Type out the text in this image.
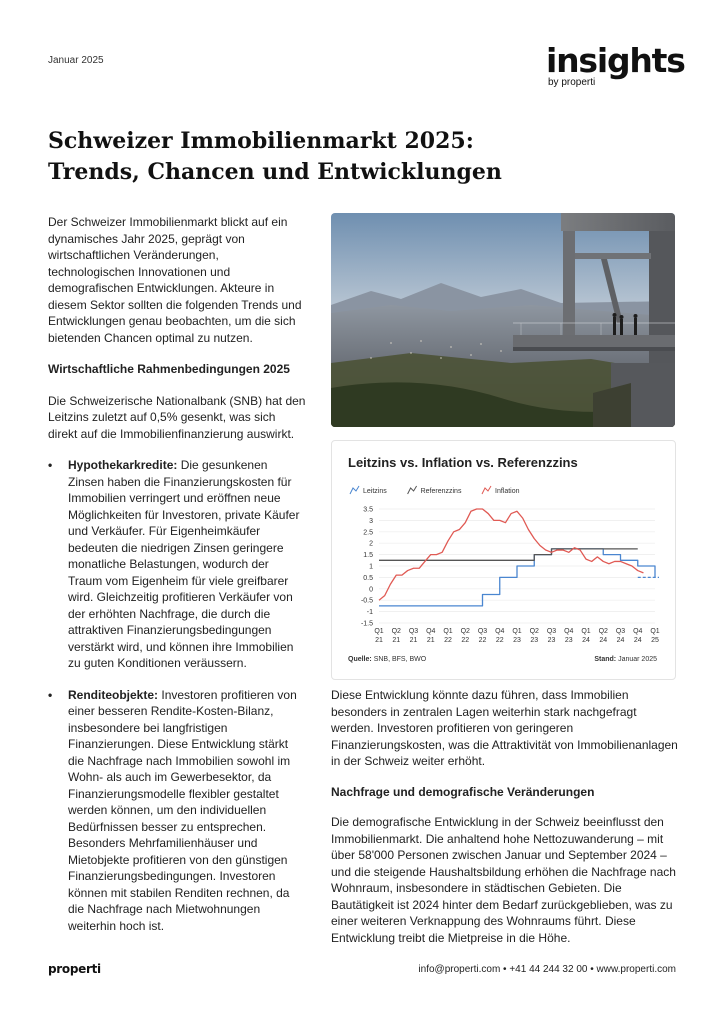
Januar 2025	insights
by properti
Schweizer Immobilienmarkt 2025:
Trends, Chancen und Entwicklungen

Der Schweizer Immobilienmarkt blickt auf ein dynamisches Jahr 2025, geprägt von wirtschaftlichen Veränderungen, technologischen Innovationen und demografischen Entwicklungen. Akteure in diesem Sektor sollten die folgenden Trends und Entwicklungen genau beobachten, um die sich bietenden Chancen optimal zu nutzen.

Wirtschaftliche Rahmenbedingungen 2025

Die Schweizerische Nationalbank (SNB) hat den Leitzins zuletzt auf 0,5% gesenkt, was sich direkt auf die Immobilienfinanzierung auswirkt.

• Hypothekarkredite: Die gesunkenen Zinsen haben die Finanzierungskosten für Immobilien verringert und eröffnen neue Möglichkeiten für Investoren, private Käufer und Verkäufer. Für Eigenheimkäufer bedeuten die niedrigen Zinsen geringere monatliche Belastungen, wodurch der Traum vom Eigenheim für viele greifbarer wird. Gleichzeitig profitieren Verkäufer von der erhöhten Nachfrage, die durch die attraktiven Finanzierungsbedingungen verstärkt wird, und können ihre Immobilien zu guten Konditionen veräussern.
• Renditeobjekte: Investoren profitieren von einer besseren Rendite-Kosten-Bilanz, insbesondere bei langfristigen Finanzierungen. Diese Entwicklung stärkt die Nachfrage nach Immobilien sowohl im Wohn- als auch im Gewerbesektor, da Finanzierungsmodelle flexibler gestaltet werden können, um den individuellen Bedürfnissen besser zu entsprechen. Besonders Mehrfamilienhäuser und Mietobjekte profitieren von den günstigen Finanzierungsbedingungen. Investoren können mit stabilen Renditen rechnen, da die Nachfrage nach Mietwohnungen weiterhin hoch ist.
Leitzins vs. Inflation vs. Referenzzins
3.5
3
2.5
2
1.5
1
0.5
0
-0.5
-1
-1.5
Q1
21
Q2
21
Q3
21
Q4
21
Q1
22
Q2
22
Q3
22
Q4
22
Q1
23
Q2
23
Q3
23
Q4
23
Q1
24
Q2
24
Q3
24
Q4
24
Q1
25
Leitzins	Referenzzins	Inflation
Quelle: SNB, BFS, BWO	Stand: Januar 2025

Diese Entwicklung könnte dazu führen, dass Immobilien besonders in zentralen Lagen weiterhin stark nachgefragt werden. Investoren profitieren von geringeren Finanzierungskosten, was die Attraktivität von Immobilienanlagen in der Schweiz weiter erhöht.

Nachfrage und demografische Veränderungen

Die demografische Entwicklung in der Schweiz beeinflusst den Immobilienmarkt. Die anhaltend hohe Nettozuwanderung – mit über 58'000 Personen zwischen Januar und September 2024 – und die steigende Haushaltsbildung erhöhen die Nachfrage nach Wohnraum, insbesondere in städtischen Gebieten. Die Bautätigkeit ist 2024 hinter dem Bedarf zurückgeblieben, was zu einer weiteren Verknappung des Wohnraums führt. Diese Entwicklung treibt die Mietpreise in die Höhe.

properti	info@properti.com • +41 44 244 32 00 • www.properti.com
